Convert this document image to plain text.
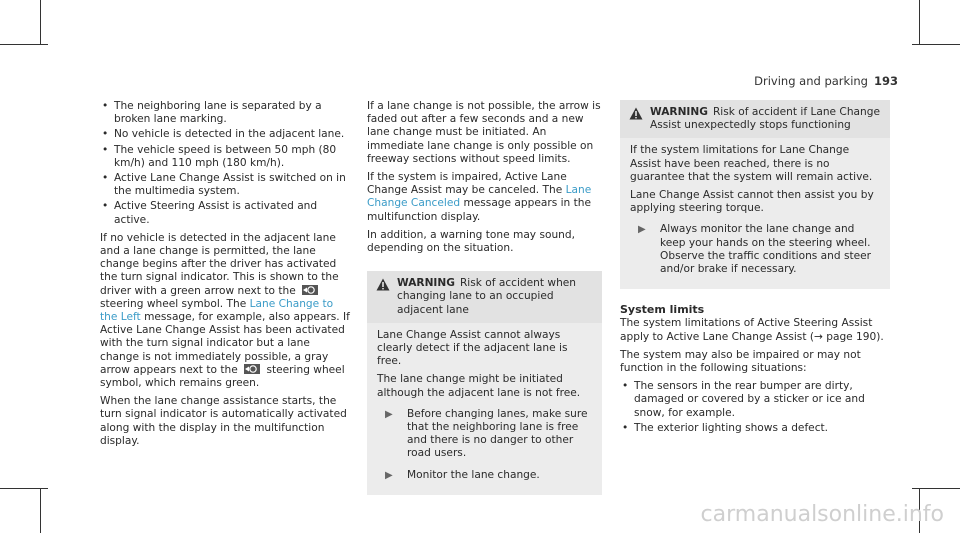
Driving and parking 193
• The neighboring lane is separated by a broken lane marking.
• No vehicle is detected in the adjacent lane.
• The vehicle speed is between 50 mph (80 km/h) and 110 mph (180 km/h).
• Active Lane Change Assist is switched on in the multimedia system.
• Active Steering Assist is activated and active.

If no vehicle is detected in the adjacent lane and a lane change is permitted, the lane change begins after the driver has activated the turn signal indicator. This is shown to the driver with a green arrow next to the  steering wheel symbol. The Lane Change to the Left message, for example, also appears. If Active Lane Change Assist has been activated with the turn signal indicator but a lane change is not immediately possible, a gray arrow appears next to the	steering wheel symbol, which remains green.

When the lane change assistance starts, the turn signal indicator is automatically activated along with the display in the multifunction display.

If a lane change is not possible, the arrow is faded out after a few seconds and a new lane change must be initiated. An immediate lane change is only possible on freeway sections without speed limits.

If the system is impaired, Active Lane Change Assist may be canceled. The Lane Change Canceled message appears in the multifunction display.

In addition, a warning tone may sound, depending on the situation.

WARNING Risk of accident when changing lane to an occupied adjacent lane

Lane Change Assist cannot always clearly detect if the adjacent lane is free.

The lane change might be initiated although the adjacent lane is not free.

▶ Before changing lanes, make sure that the neighboring lane is free and there is no danger to other road users.
▶ Monitor the lane change.
WARNING Risk of accident if Lane Change Assist unexpectedly stops functioning

If the system limitations for Lane Change Assist have been reached, there is no guarantee that the system will remain active.

Lane Change Assist cannot then assist you by applying steering torque.

▶ Always monitor the lane change and keep your hands on the steering wheel. Observe the traffic conditions and steer and/or brake if necessary.
System limits

The system limitations of Active Steering Assist apply to Active Lane Change Assist (→ page 190).

The system may also be impaired or may not function in the following situations:

• The sensors in the rear bumper are dirty, damaged or covered by a sticker or ice and snow, for example.
• The exterior lighting shows a defect.
carmanualsonline.info
